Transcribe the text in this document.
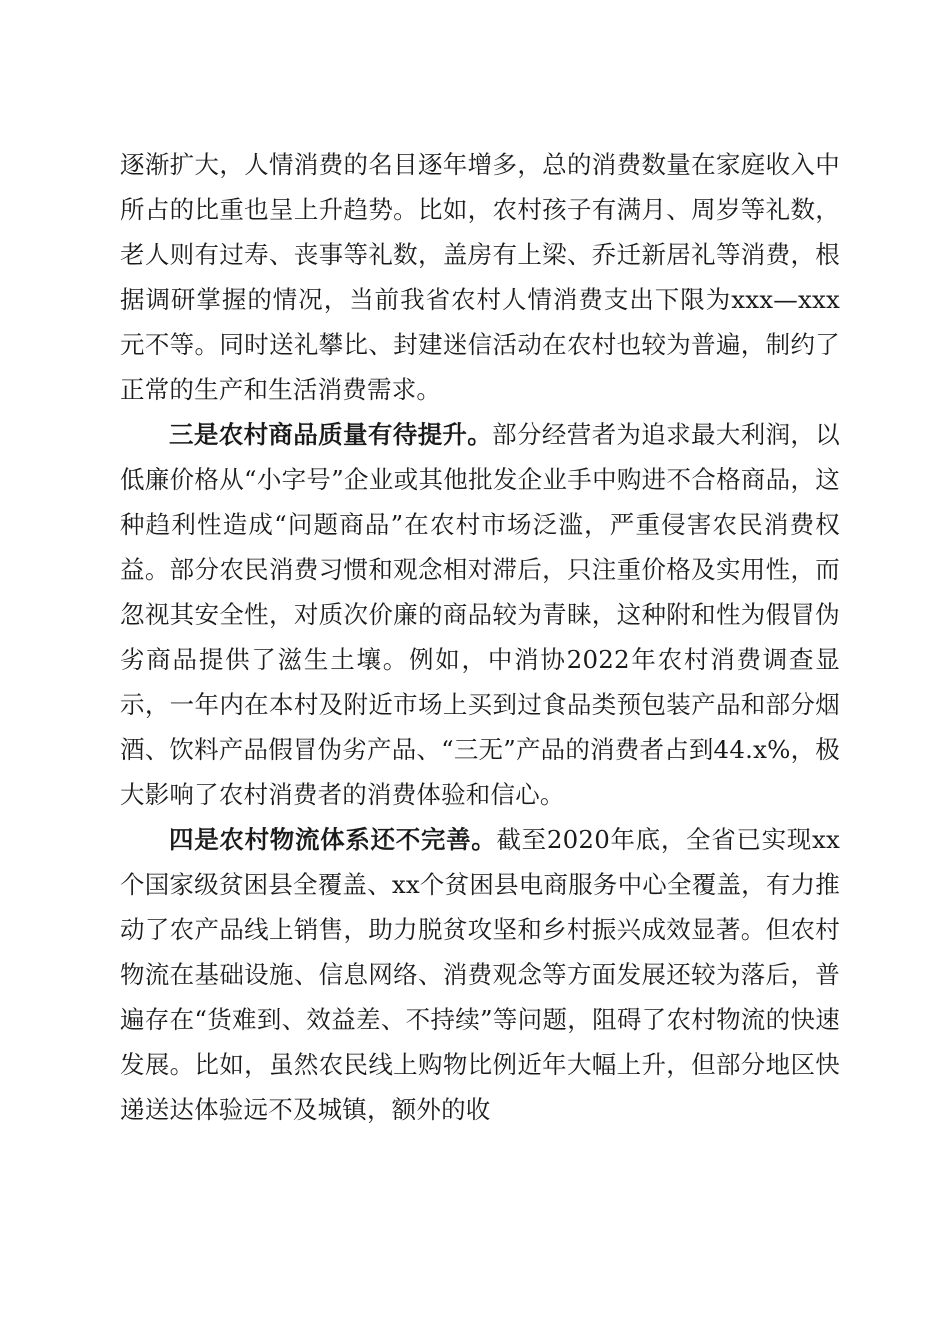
逐渐扩大，人情消费的名目逐年增多，总的消费数量在家庭收入中所占的比重也呈上升趋势。比如，农村孩子有满月、周岁等礼数，老人则有过寿、丧事等礼数，盖房有上梁、乔迁新居礼等消费，根据调研掌握的情况，当前我省农村人情消费支出下限为xxx—xxx元不等。同时送礼攀比、封建迷信活动在农村也较为普遍，制约了正常的生产和生活消费需求。

三是农村商品质量有待提升。部分经营者为追求最大利润，以低廉价格从“小字号”企业或其他批发企业手中购进不合格商品，这种趋利性造成“问题商品”在农村市场泛滥，严重侵害农民消费权益。部分农民消费习惯和观念相对滞后，只注重价格及实用性，而忽视其安全性，对质次价廉的商品较为青睐，这种附和性为假冒伪劣商品提供了滋生土壤。例如，中消协2022年农村消费调查显示，一年内在本村及附近市场上买到过食品类预包装产品和部分烟酒、饮料产品假冒伪劣产品、“三无”产品的消费者占到44.x%，极大影响了农村消费者的消费体验和信心。

四是农村物流体系还不完善。截至2020年底，全省已实现xx个国家级贫困县全覆盖、xx个贫困县电商服务中心全覆盖，有力推动了农产品线上销售，助力脱贫攻坚和乡村振兴成效显著。但农村物流在基础设施、信息网络、消费观念等方面发展还较为落后，普遍存在“货难到、效益差、不持续”等问题，阻碍了农村物流的快速发展。比如，虽然农民线上购物比例近年大幅上升，但部分地区快递送达体验远不及城镇，额外的收
